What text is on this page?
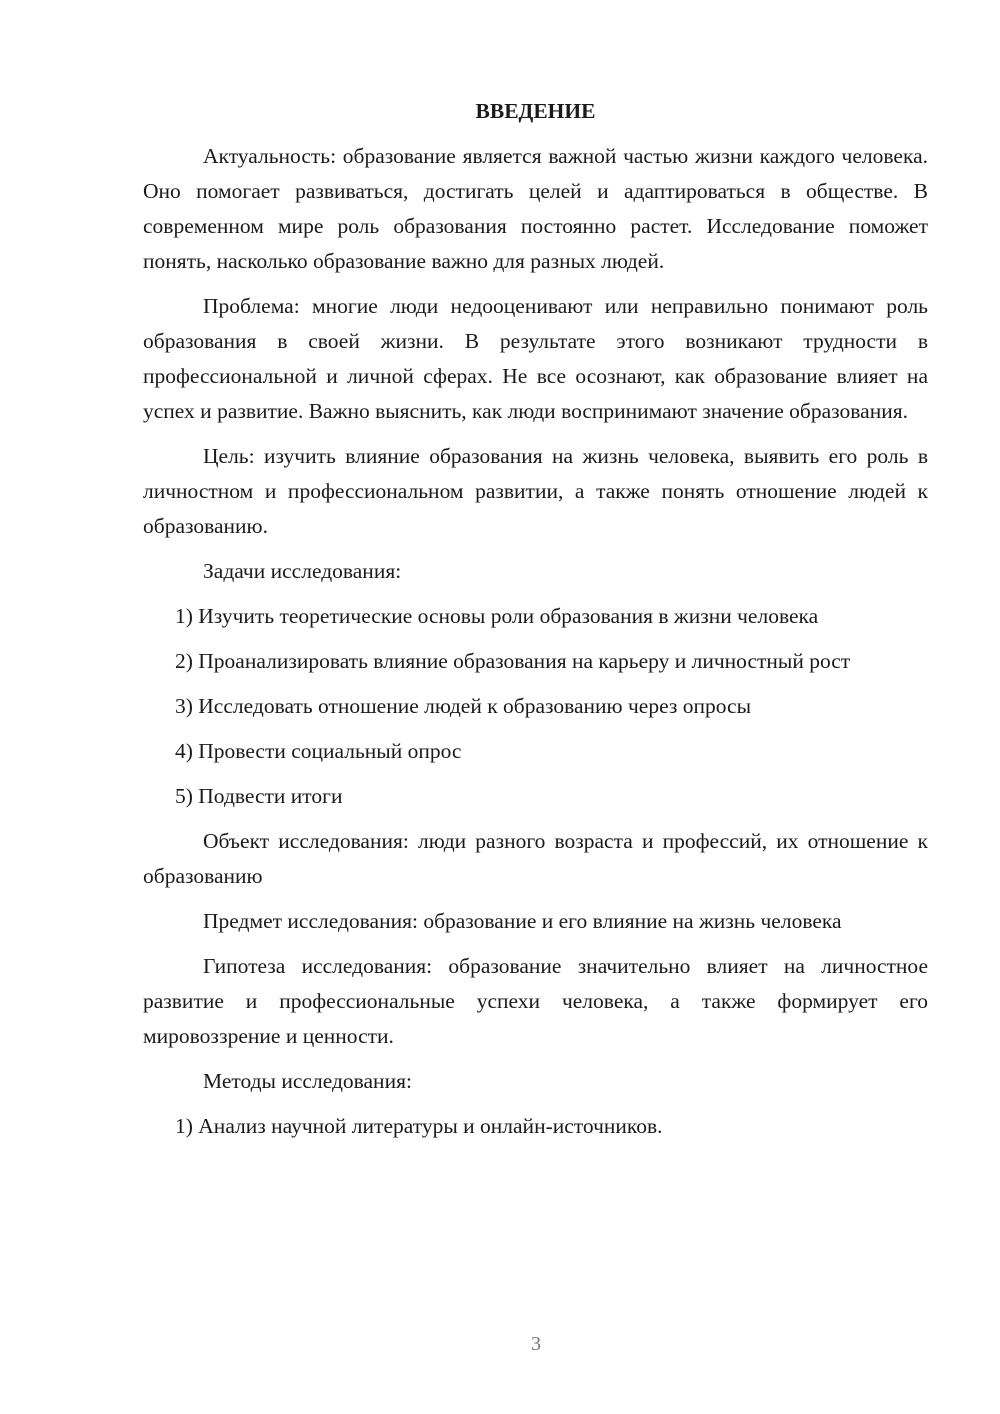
ВВЕДЕНИЕ

Актуальность: образование является важной частью жизни каждого человека. Оно помогает развиваться, достигать целей и адаптироваться в обществе. В современном мире роль образования постоянно растет. Исследование поможет понять, насколько образование важно для разных людей.

Проблема: многие люди недооценивают или неправильно понимают роль образования в своей жизни. В результате этого возникают трудности в профессиональной и личной сферах. Не все осознают, как образование влияет на успех и развитие. Важно выяснить, как люди воспринимают значение образования.

Цель: изучить влияние образования на жизнь человека, выявить его роль в личностном и профессиональном развитии, а также понять отношение людей к образованию.

Задачи исследования:

1) Изучить теоретические основы роли образования в жизни человека

2) Проанализировать влияние образования на карьеру и личностный рост

3) Исследовать отношение людей к образованию через опросы

4) Провести социальный опрос

5) Подвести итоги

Объект исследования: люди разного возраста и профессий, их отношение к образованию

Предмет исследования: образование и его влияние на жизнь человека

Гипотеза исследования: образование значительно влияет на личностное развитие и профессиональные успехи человека, а также формирует его мировоззрение и ценности.

Методы исследования:

1) Анализ научной литературы и онлайн-источников.

3
